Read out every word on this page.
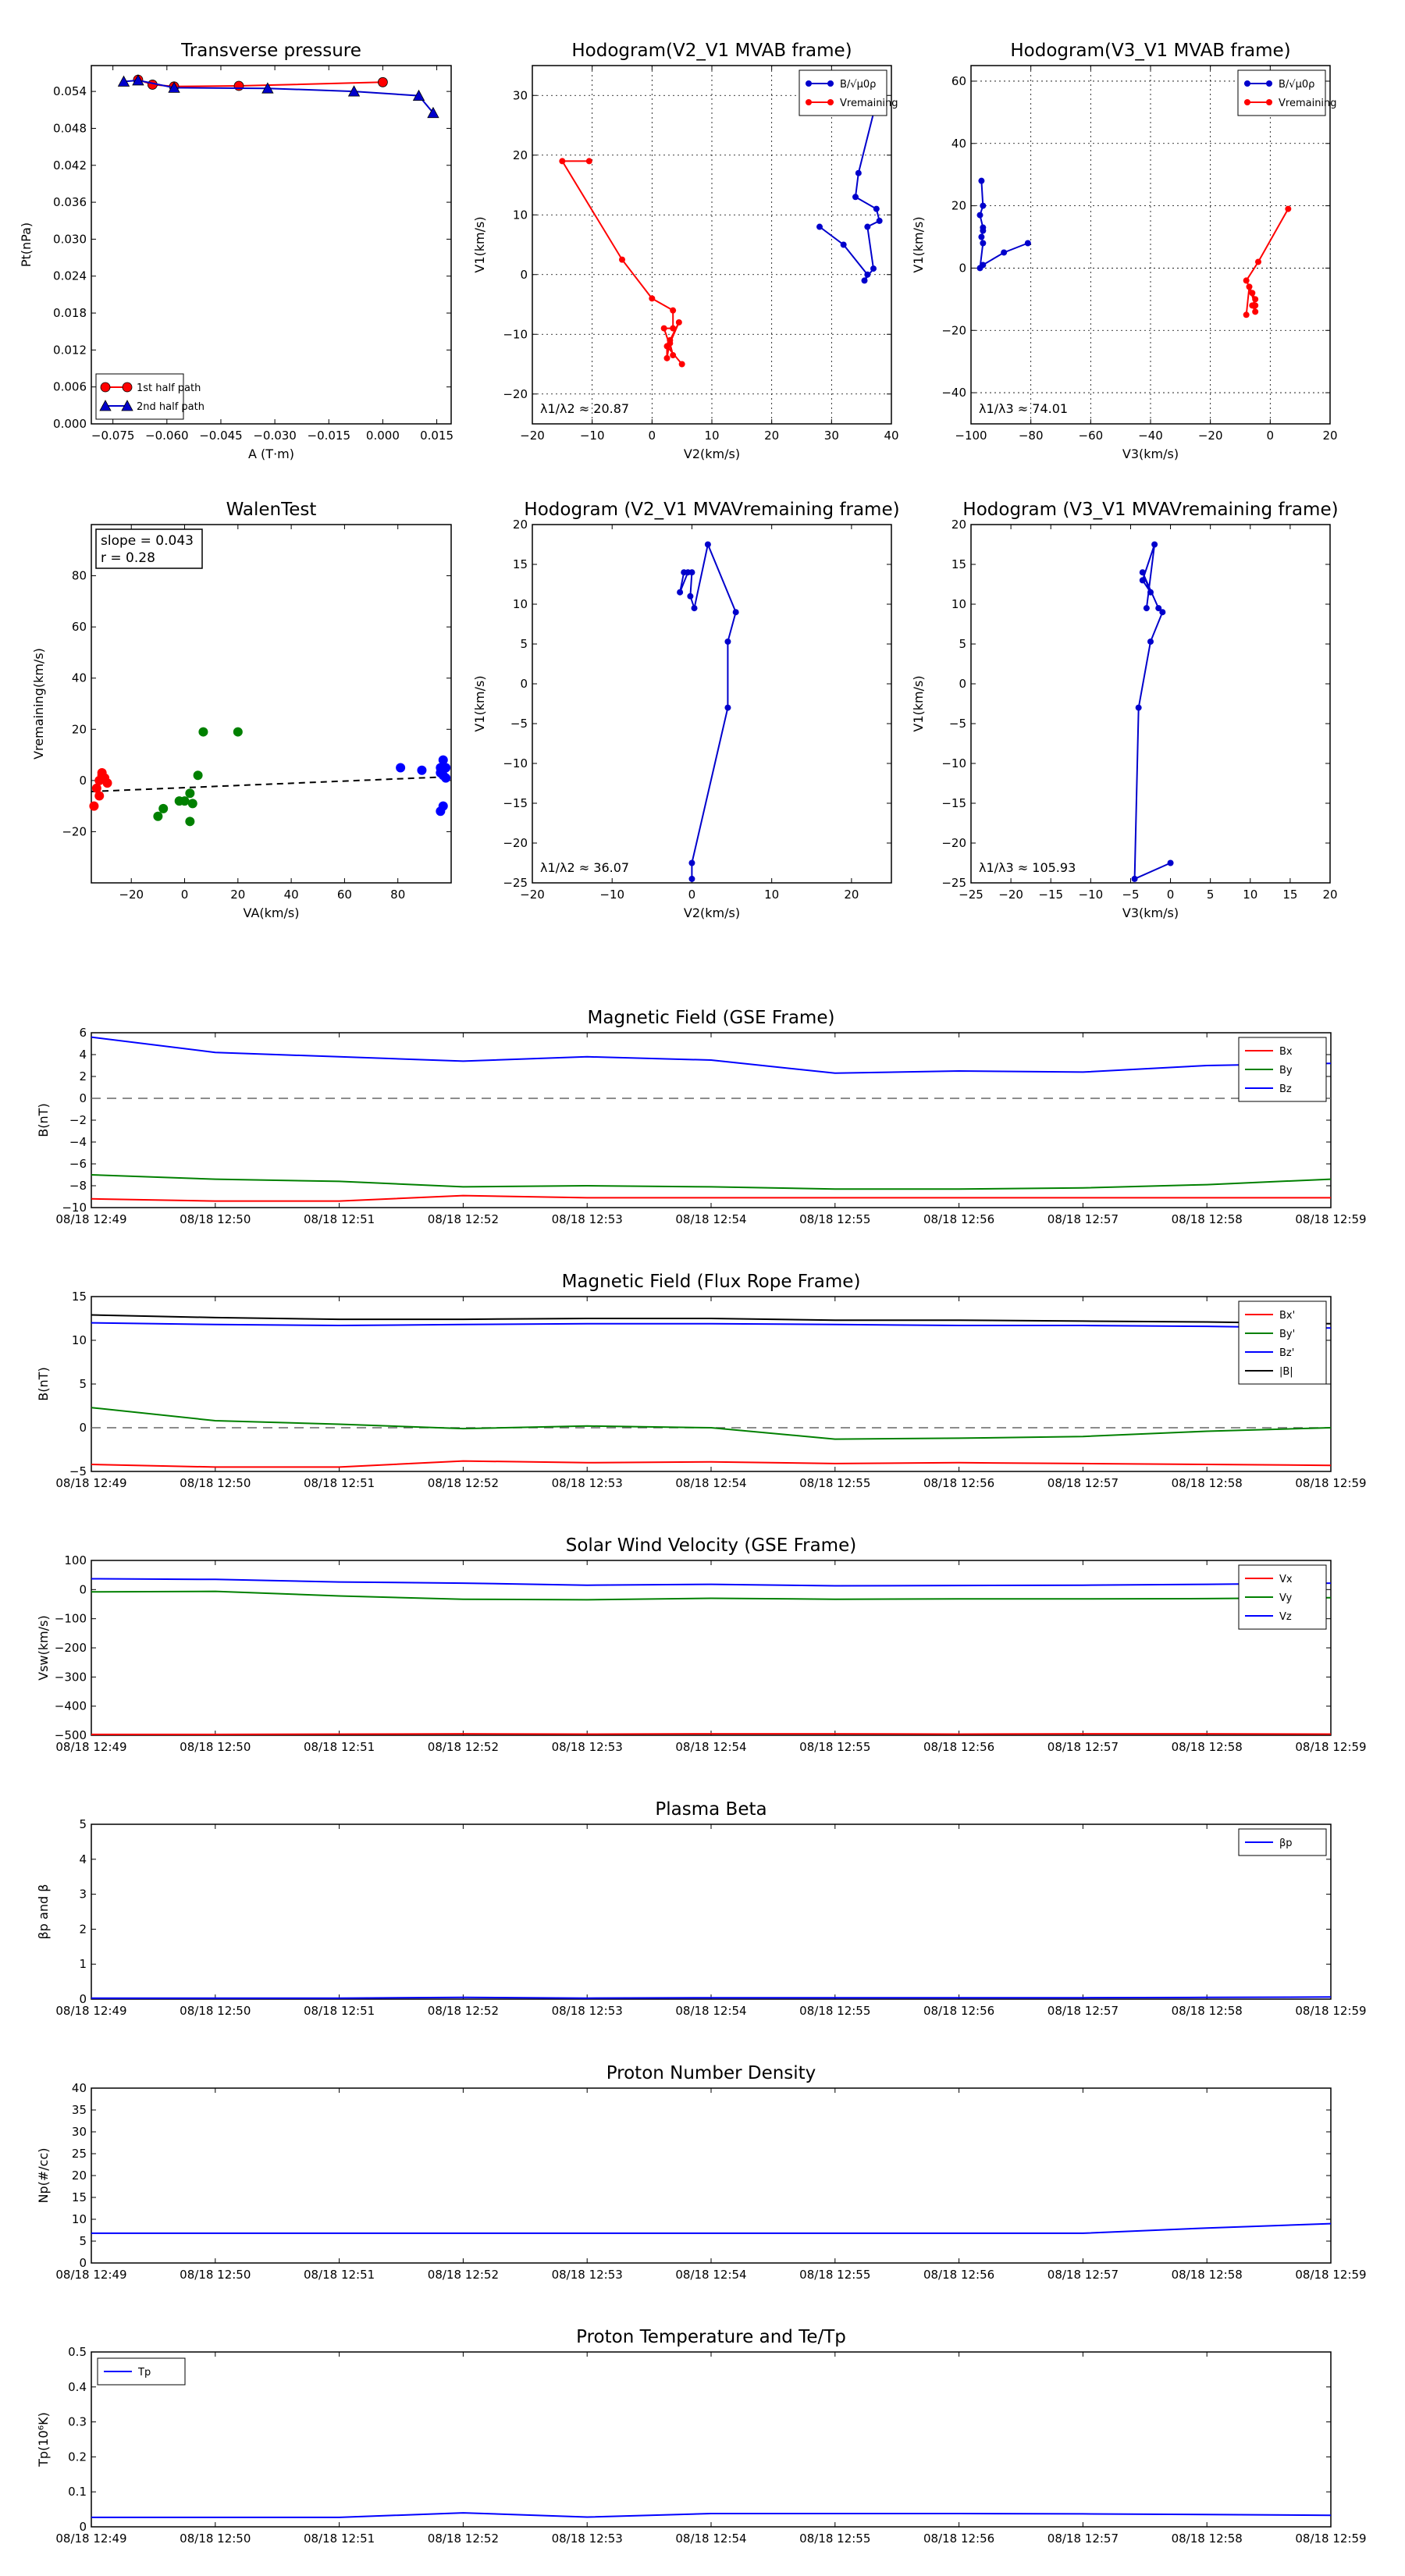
Transverse pressure
−0.075 −0.060 −0.045 −0.030 −0.015 0.000 0.015
0.000
0.006
0.012
0.018
0.024
0.030
0.036
0.042
0.048
0.054
A (T·m)
Pt(nPa)
1st half path
2nd half path
Hodogram(V2_V1 MVAB frame)
−20	−10	0	10	20	30	40
−20
−10
0
10
20
30
V2(km/s)
V1(km/s)
λ1/λ2 ≈ 20.87
B/√μ0ρ
Vremaining
Hodogram(V3_V1 MVAB frame)
−100	−80	−60	−40	−20	0	20
−40
−20
0
20
40
60
V3(km/s)
V1(km/s)
λ1/λ3 ≈ 74.01
B/√μ0ρ
Vremaining
WalenTest
−20	0	20	40	60	80
−20
0
20
40
60
80
VA(km/s)
Vremaining(km/s)
slope = 0.043
r = 0.28
Hodogram (V2_V1 MVAVremaining frame)
−20	−10	0	10	20
−25
−20
−15
−10
−5
0
5
10
15
20
V2(km/s)
V1(km/s)
λ1/λ2 ≈ 36.07
Hodogram (V3_V1 MVAVremaining frame)
−25 −20 −15 −10 −5 0	5 10 15 20
−25
−20
−15
−10
−5
0
5
10
15
20
V3(km/s)
V1(km/s)
λ1/λ3 ≈ 105.93
Magnetic Field (GSE Frame)
08/18 12:49	08/18 12:50	08/18 12:51	08/18 12:52	08/18 12:53	08/18 12:54	08/18 12:55	08/18 12:56	08/18 12:57	08/18 12:58	08/18 12:59
−10
−8
−6
−4
−2
0
2
4
6
B(nT)
Bx
By
Bz
Magnetic Field (Flux Rope Frame)
08/18 12:49	08/18 12:50	08/18 12:51	08/18 12:52	08/18 12:53	08/18 12:54	08/18 12:55	08/18 12:56	08/18 12:57	08/18 12:58	08/18 12:59
−5
0
5
10
15
B(nT)
Bx'
By'
Bz'
|B|
Solar Wind Velocity (GSE Frame)
08/18 12:49	08/18 12:50	08/18 12:51	08/18 12:52	08/18 12:53	08/18 12:54	08/18 12:55	08/18 12:56	08/18 12:57	08/18 12:58	08/18 12:59
−500
−400
−300
−200
−100
0
100
Vsw(km/s)
Vx
Vy
Vz
Plasma Beta
08/18 12:49	08/18 12:50	08/18 12:51	08/18 12:52	08/18 12:53	08/18 12:54	08/18 12:55	08/18 12:56	08/18 12:57	08/18 12:58	08/18 12:59
0
1
2
3
4
5
βp and β
βp
Proton Number Density
08/18 12:49	08/18 12:50	08/18 12:51	08/18 12:52	08/18 12:53	08/18 12:54	08/18 12:55	08/18 12:56	08/18 12:57	08/18 12:58	08/18 12:59
0
5
10
15
20
25
30
35
40
Np(#/cc)
Proton Temperature and Te/Tp
08/18 12:49	08/18 12:50	08/18 12:51	08/18 12:52	08/18 12:53	08/18 12:54	08/18 12:55	08/18 12:56	08/18 12:57	08/18 12:58	08/18 12:59
0
0.1
0.2
0.3
0.4
0.5
Tp(10⁶K)
Tp
